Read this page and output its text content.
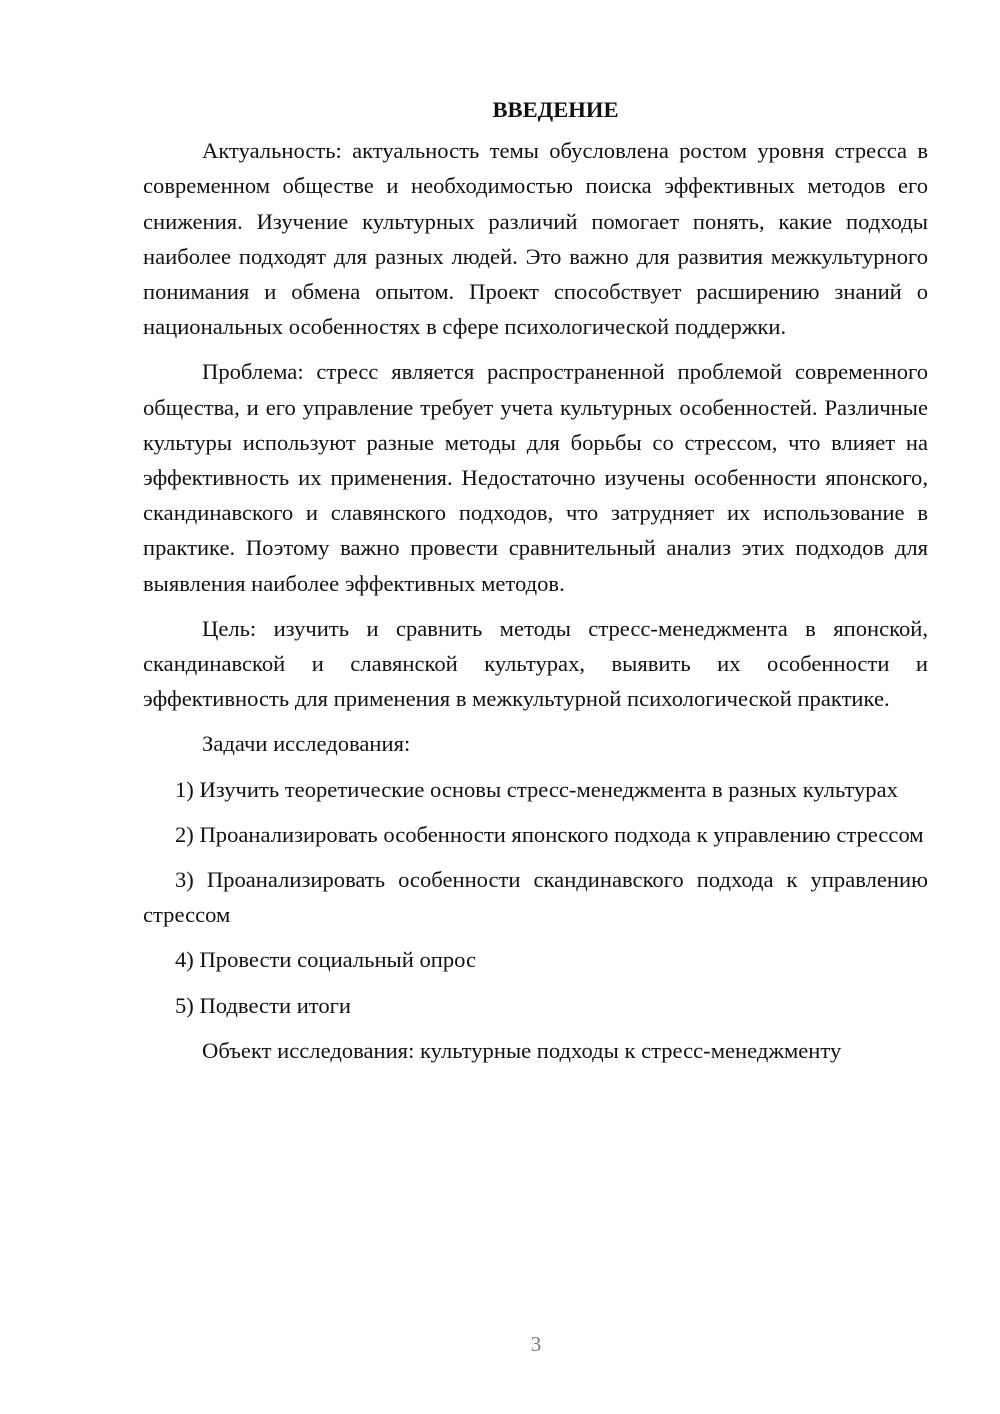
ВВЕДЕНИЕ

Актуальность: актуальность темы обусловлена ростом уровня стресса в современном обществе и необходимостью поиска эффективных методов его снижения. Изучение культурных различий помогает понять, какие подходы наиболее подходят для разных людей. Это важно для развития межкультурного понимания и обмена опытом. Проект способствует расширению знаний о национальных особенностях в сфере психологической поддержки.

Проблема: стресс является распространенной проблемой современного общества, и его управление требует учета культурных особенностей. Различные культуры используют разные методы для борьбы со стрессом, что влияет на эффективность их применения. Недостаточно изучены особенности японского, скандинавского и славянского подходов, что затрудняет их использование в практике. Поэтому важно провести сравнительный анализ этих подходов для выявления наиболее эффективных методов.

Цель: изучить и сравнить методы стресс-менеджмента в японской, скандинавской и славянской культурах, выявить их особенности и эффективность для применения в межкультурной психологической практике.

Задачи исследования:

1) Изучить теоретические основы стресс-менеджмента в разных культурах

2) Проанализировать особенности японского подхода к управлению стрессом

3) Проанализировать особенности скандинавского подхода к управлению стрессом

4) Провести социальный опрос

5) Подвести итоги

Объект исследования: культурные подходы к стресс-менеджменту

3
